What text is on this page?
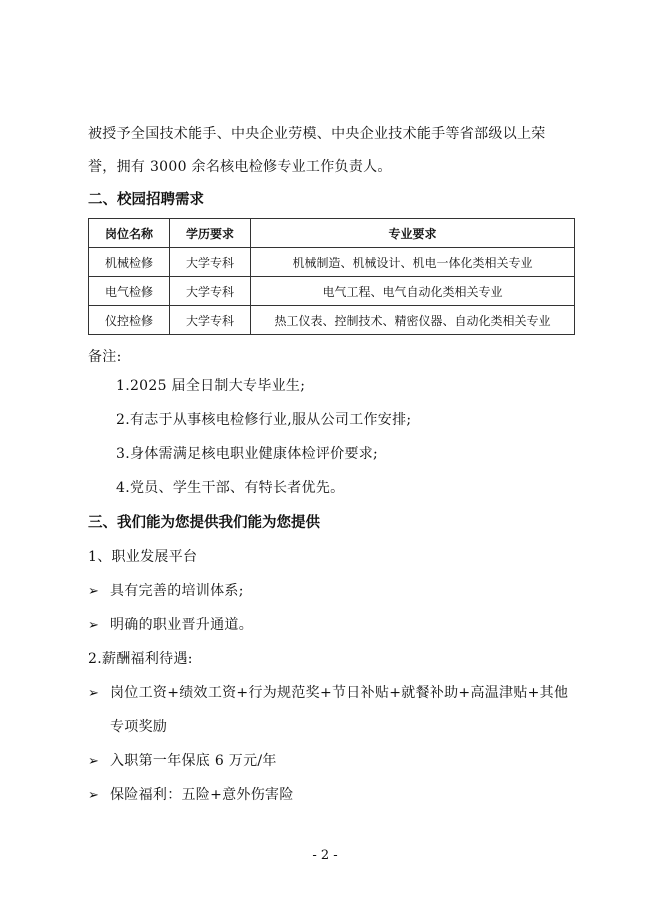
被授予全国技术能手、中央企业劳模、中央企业技术能手等省部级以上荣
誉，拥有 3000 余名核电检修专业工作负责人。
二、校园招聘需求
岗位名称	学历要求	专业要求
机械检修	大学专科	机械制造、机械设计、机电一体化类相关专业
电气检修	大学专科	电气工程、电气自动化类相关专业
仪控检修	大学专科	热工仪表、控制技术、精密仪器、自动化类相关专业
备注:
1.2025 届全日制大专毕业生;
2.有志于从事核电检修行业,服从公司工作安排;
3.身体需满足核电职业健康体检评价要求;
4.党员、学生干部、有特长者优先。
三、我们能为您提供我们能为您提供
1、职业发展平台
➢ 具有完善的培训体系;
➢ 明确的职业晋升通道。
2.薪酬福利待遇:
➢ 岗位工资+绩效工资+行为规范奖+节日补贴+就餐补助+高温津贴+其他
专项奖励
➢ 入职第一年保底 6 万元/年
➢ 保险福利：五险+意外伤害险
- 2 -
